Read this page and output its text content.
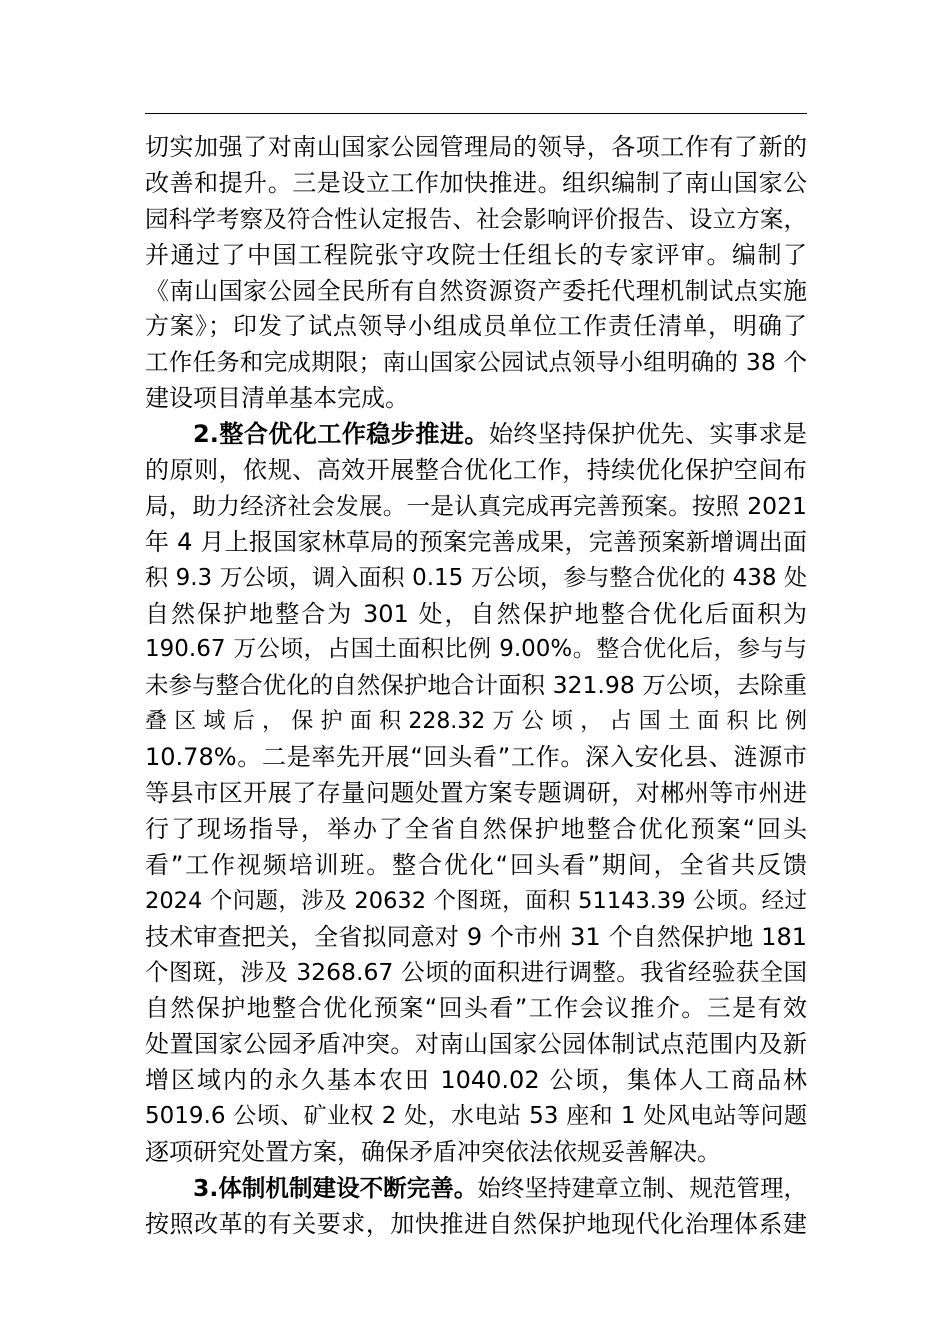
切实加强了对南山国家公园管理局的领导，各项工作有了新的
改善和提升。三是设立工作加快推进。组织编制了南山国家公
园科学考察及符合性认定报告、社会影响评价报告、设立方案，
并通过了中国工程院张守攻院士任组长的专家评审。编制了
《南山国家公园全民所有自然资源资产委托代理机制试点实施
方案》；印发了试点领导小组成员单位工作责任清单，明确了
工作任务和完成期限；南山国家公园试点领导小组明确的 38 个
建设项目清单基本完成。
2.整合优化工作稳步推进。始终坚持保护优先、实事求是
的原则，依规、高效开展整合优化工作，持续优化保护空间布
局，助力经济社会发展。一是认真完成再完善预案。按照 2021
年 4 月上报国家林草局的预案完善成果，完善预案新增调出面
积 9.3 万公顷，调入面积 0.15 万公顷，参与整合优化的 438 处
自然保护地整合为 301 处，自然保护地整合优化后面积为
190.67 万公顷，占国土面积比例 9.00%。整合优化后，参与与
未参与整合优化的自然保护地合计面积 321.98 万公顷，去除重
叠 区 域 后 ， 保 护 面 积 228.32 万 公 顷 ， 占 国 土 面 积 比 例
10.78%。二是率先开展“回头看”工作。深入安化县、涟源市
等县市区开展了存量问题处置方案专题调研，对郴州等市州进
行了现场指导，举办了全省自然保护地整合优化预案“回头
看”工作视频培训班。整合优化“回头看”期间，全省共反馈
2024 个问题，涉及 20632 个图斑，面积 51143.39 公顷。经过
技术审查把关，全省拟同意对 9 个市州 31 个自然保护地 181
个图斑，涉及 3268.67 公顷的面积进行调整。我省经验获全国
自然保护地整合优化预案“回头看”工作会议推介。三是有效
处置国家公园矛盾冲突。对南山国家公园体制试点范围内及新
增区域内的永久基本农田 1040.02 公顷，集体人工商品林
5019.6 公顷、矿业权 2 处，水电站 53 座和 1 处风电站等问题
逐项研究处置方案，确保矛盾冲突依法依规妥善解决。
3.体制机制建设不断完善。始终坚持建章立制、规范管理，
按照改革的有关要求，加快推进自然保护地现代化治理体系建
